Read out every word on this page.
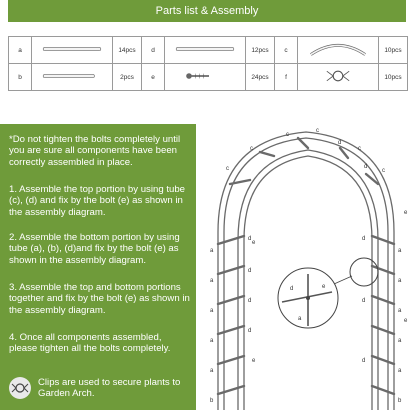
Parts list & Assembly
a		14pcs	d		12pcs	c		10pcs
b		2pcs	e		24pcs	f		10pcs

*Do not tighten the bolts completely until you are sure all components have been correctly assembled in place.

1. Assemble the top portion by using tube (c), (d) and fix by the bolt (e) as shown in the assembly diagram.

2. Assemble the bottom portion by using tube (a), (b), (d)and fix by the bolt (e) as shown in the assembly diagram.

3. Assemble the top and bottom portions together and fix by the bolt (e) as shown in the assembly diagram.

4. Once all components assembled, please tighten all the bolts completely.

Clips are used to secure plants to Garden Arch.
a
a
a
a
a
b
d
d
d
d
e
e
c
c
c
c
c
c
d
d
a
a
a
a
a
b
d
d
d
e
e
d
a
e
